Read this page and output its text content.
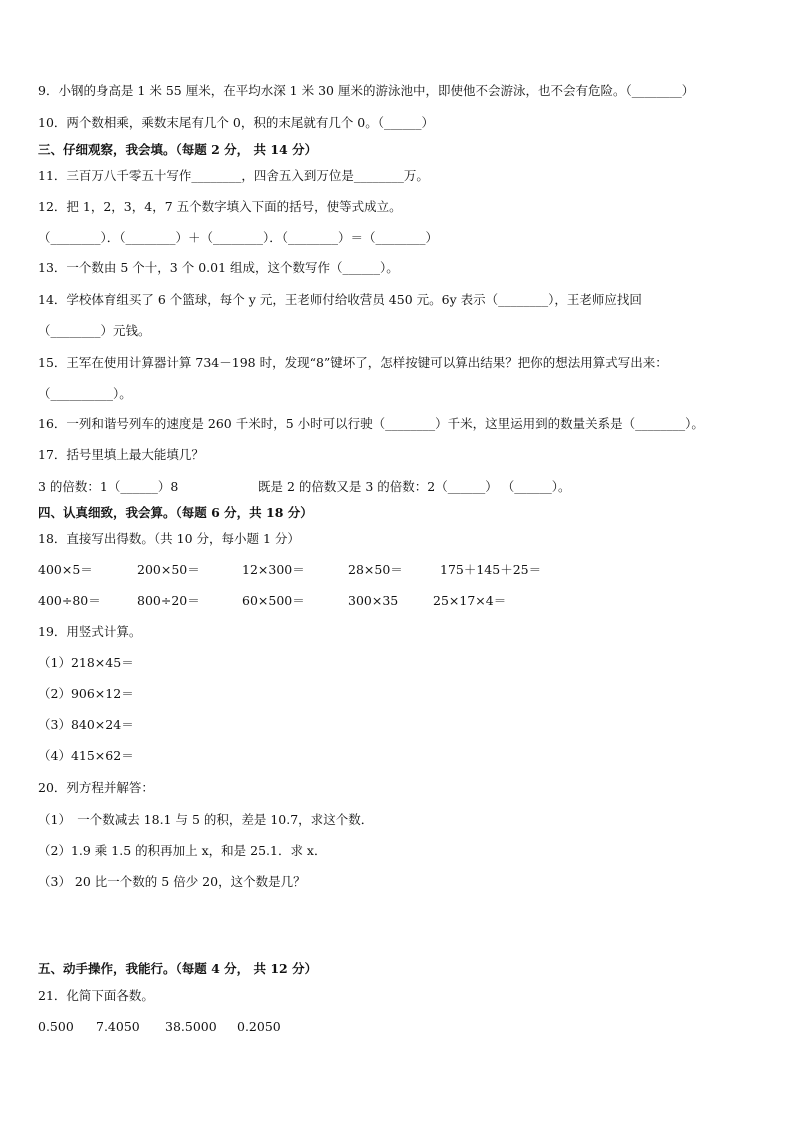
9．小钢的身高是 1 米 55 厘米，在平均水深 1 米 30 厘米的游泳池中，即使他不会游泳，也不会有危险。（________）
10．两个数相乘，乘数末尾有几个 0，积的末尾就有几个 0。（______）
三、仔细观察，我会填。（每题 2 分， 共 14 分）
11．三百万八千零五十写作________，四舍五入到万位是________万。
12．把 1，2，3，4，7 五个数字填入下面的括号，使等式成立。
（________）．（________）＋（________）．（________）＝（________）
13．一个数由 5 个十，3 个 0.01 组成，这个数写作（______）。
14．学校体育组买了 6 个篮球，每个 y 元，王老师付给收营员 450 元。6y 表示（________），王老师应找回
（________）元钱。
15．王军在使用计算器计算 734－198 时，发现“8”键坏了，怎样按键可以算出结果？把你的想法用算式写出来：
（__________）。
16．一列和谐号列车的速度是 260 千米时，5 小时可以行驶（________）千米，这里运用到的数量关系是（________）。
17．括号里填上最大能填几？
3 的倍数：1（______）8	既是 2 的倍数又是 3 的倍数：2（______） （______）。
四、认真细致，我会算。（每题 6 分，共 18 分）
18．直接写出得数。（共 10 分，每小题 1 分）
400×5＝	200×50＝	12×300＝	28×50＝	175＋145＋25＝
400÷80＝	800÷20＝	60×500＝	300×35	25×17×4＝
19．用竖式计算。
（1）218×45＝
（2）906×12＝
（3）840×24＝
（4）415×62＝
20．列方程并解答：
（1）　一个数减去 18.1 与 5 的积，差是 10.7，求这个数．
（2）1.9 乘 1.5 的积再加上 x，和是 25.1．求 x．
（3） 20 比一个数的 5 倍少 20，这个数是几？
五、动手操作，我能行。（每题 4 分， 共 12 分）
21．化简下面各数。
0.500 7.4050 38.5000 0.2050
